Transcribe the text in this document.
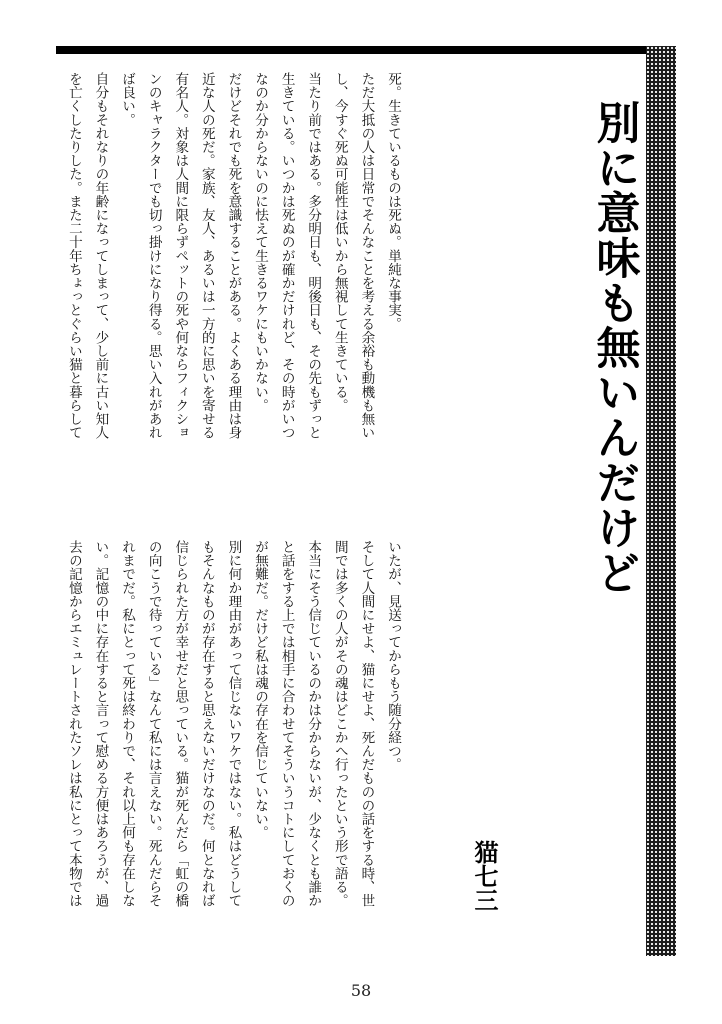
別に意味も無いんだけど
猫七三

死。生きているものは死ぬ。単純な事実。

ただ大抵の人は日常でそんなことを考える余裕も動機も無い

し、今すぐ死ぬ可能性は低いから無視して生きている。

当たり前ではある。多分明日も、明後日も、その先もずっと

生きている。いつかは死ぬのが確かだけれど、その時がいつ

なのか分からないのに怯えて生きるワケにもいかない。

だけどそれでも死を意識することがある。よくある理由は身

近な人の死だ。家族、友人、あるいは一方的に思いを寄せる

有名人。対象は人間に限らずペットの死や何ならフィクショ

ンのキャラクターでも切っ掛けになり得る。思い入れがあれ

ば良い。

自分もそれなりの年齢になってしまって、少し前に古い知人

を亡くしたりした。また二十年ちょっとぐらい猫と暮らして

いたが、見送ってからもう随分経つ。

そして人間にせよ、猫にせよ、死んだものの話をする時、世

間では多くの人がその魂はどこかへ行ったという形で語る。

本当にそう信じているのかは分からないが、少なくとも誰か

と話をする上では相手に合わせてそういうコトにしておくの

が無難だ。だけど私は魂の存在を信じていない。

別に何か理由があって信じないワケではない。私はどうして

もそんなものが存在すると思えないだけなのだ。何となれば

信じられた方が幸せだと思っている。猫が死んだら「虹の橋

の向こうで待っている」なんて私には言えない。死んだらそ

れまでだ。私にとって死は終わりで、それ以上何も存在しな

い。記憶の中に存在すると言って慰める方便はあろうが、過

去の記憶からエミュレートされたソレは私にとって本物では

58
